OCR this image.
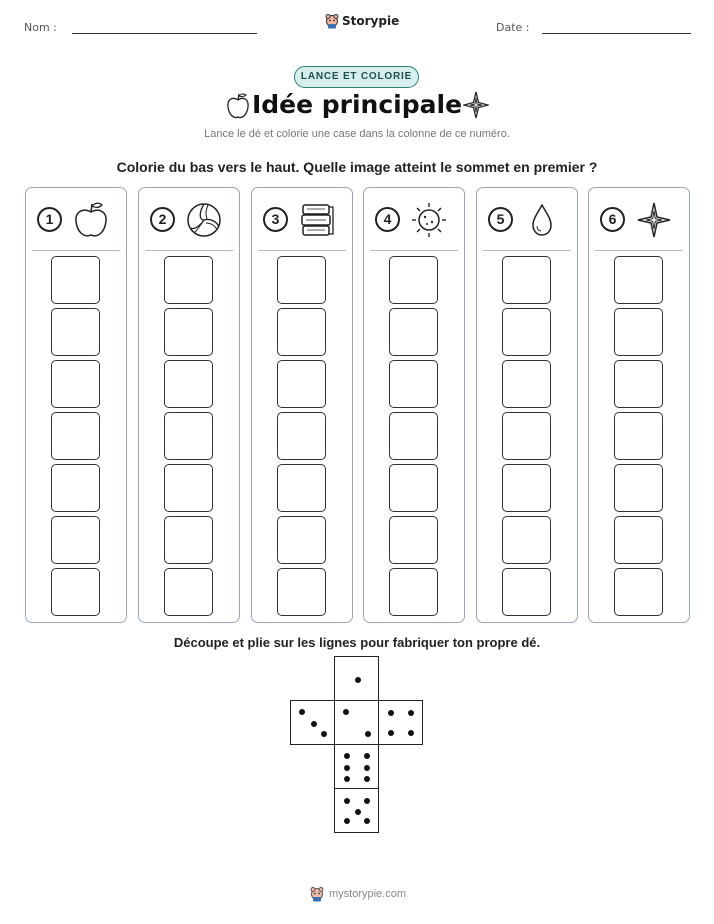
Nom :	Date :
Storypie
LANCE ET COLORIE
Idée principale
Lance le dé et colorie une case dans la colonne de ce numéro.
Colorie du bas vers le haut. Quelle image atteint le sommet en premier ?
1	2	3	4	5	6
Découpe et plie sur les lignes pour fabriquer ton propre dé.
mystorypie.com
